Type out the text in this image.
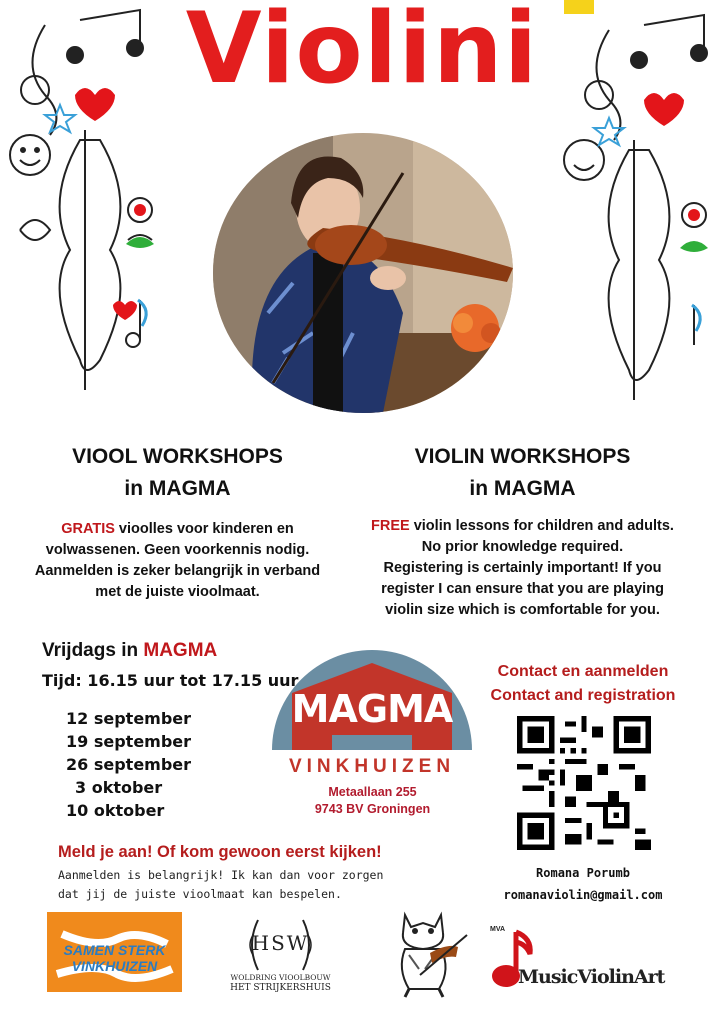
Violini
VIOOL WORKSHOPS
in MAGMA
GRATIS vioolles voor kinderen en
volwassenen. Geen voorkennis nodig.
Aanmelden is zeker belangrijk in verband
met de juiste vioolmaat.
VIOLIN WORKSHOPS
in MAGMA
FREE violin lessons for children and adults.
No prior knowledge required.
Registering is certainly important! If you
register I can ensure that you are playing
violin size which is comfortable for you.
Vrijdags in MAGMA
Tijd: 16.15 uur tot 17.15 uur
12 september
19 september
26 september
3 oktober
10 oktober
MAGMA
VINKHUIZEN
Metaallaan 255
9743 BV Groningen
Contact en aanmelden
Contact and registration
Romana Porumb
romanaviolin@gmail.com
Meld je aan! Of kom gewoon eerst kijken!
Aanmelden is belangrijk! Ik kan dan voor zorgen
dat jij de juiste vioolmaat kan bespelen.
SAMEN STERK
VINKHUIZEN
HSW
WOLDRING VIOOLBOUW
HET STRIJKERSHUIS
MVA
MusicViolinArt
